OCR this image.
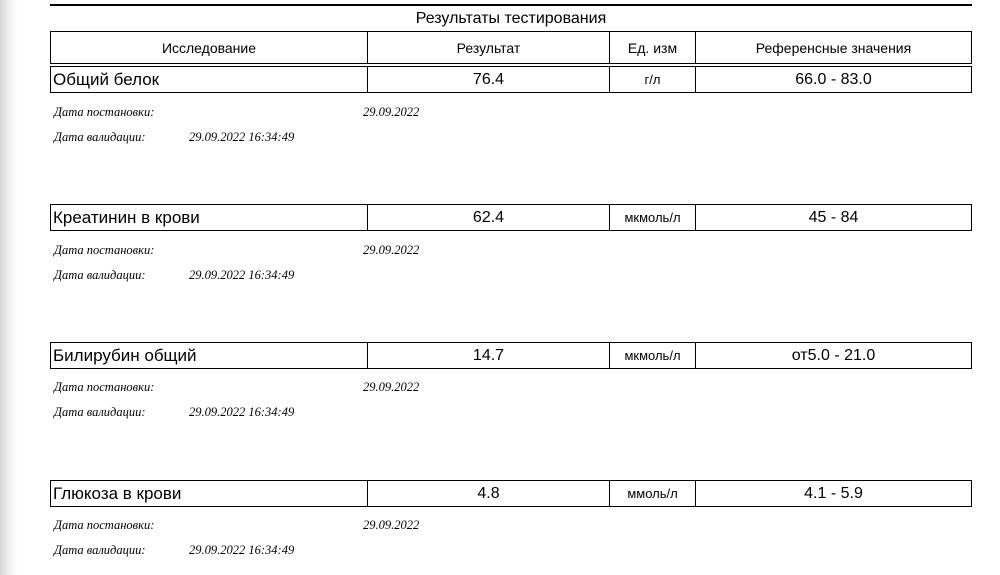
Результаты тестирования
Исследование	Результат	Ед. изм	Референсные значения
Общий белок	76.4	г/л	66.0 - 83.0
Дата постановки:	29.09.2022
Дата валидации:	29.09.2022 16:34:49
Креатинин в крови	62.4	мкмоль/л	45 - 84
Дата постановки:	29.09.2022
Дата валидации:	29.09.2022 16:34:49
Билирубин общий	14.7	мкмоль/л	от5.0 - 21.0
Дата постановки:	29.09.2022
Дата валидации:	29.09.2022 16:34:49
Глюкоза в крови	4.8	ммоль/л	4.1 - 5.9
Дата постановки:	29.09.2022
Дата валидации:	29.09.2022 16:34:49
